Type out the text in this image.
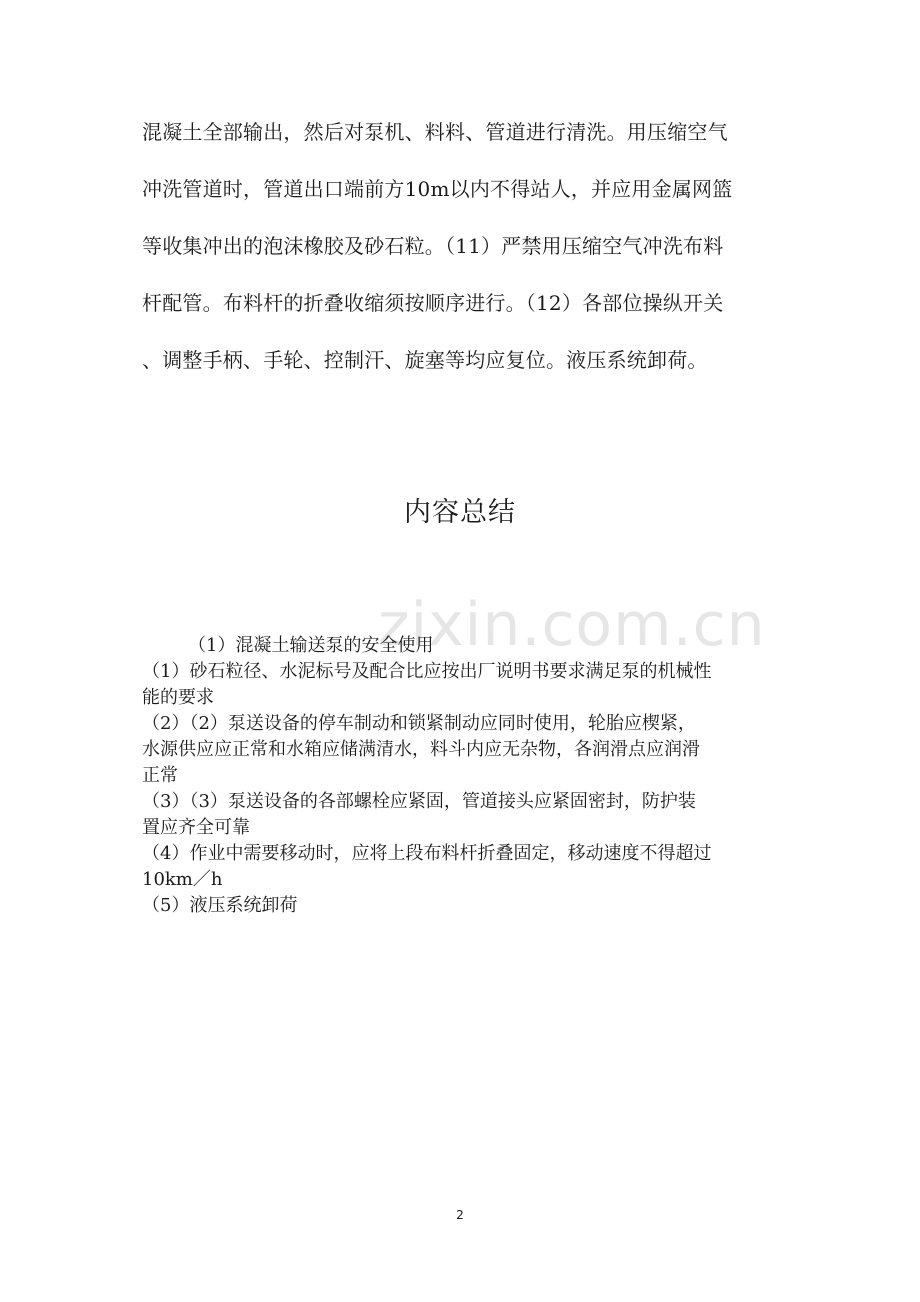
混凝土全部输出，然后对泵机、料料、管道进行清洗。用压缩空气
冲洗管道时，管道出口端前方10m以内不得站人，并应用金属网篮
等收集冲出的泡沫橡胶及砂石粒。（11）严禁用压缩空气冲洗布料
杆配管。布料杆的折叠收缩须按顺序进行。（12）各部位操纵开关
、调整手柄、手轮、控制汗、旋塞等均应复位。液压系统卸荷。
内容总结
zixin.com.cn
（1）混凝土输送泵的安全使用
（1）砂石粒径、水泥标号及配合比应按出厂说明书要求满足泵的机械性
能的要求
（2）（2）泵送设备的停车制动和锁紧制动应同时使用，轮胎应楔紧，
水源供应应正常和水箱应储满清水，料斗内应无杂物，各润滑点应润滑
正常
（3）（3）泵送设备的各部螺栓应紧固，管道接头应紧固密封，防护装
置应齐全可靠
（4）作业中需要移动时，应将上段布料杆折叠固定，移动速度不得超过
10km／h
（5）液压系统卸荷
2
